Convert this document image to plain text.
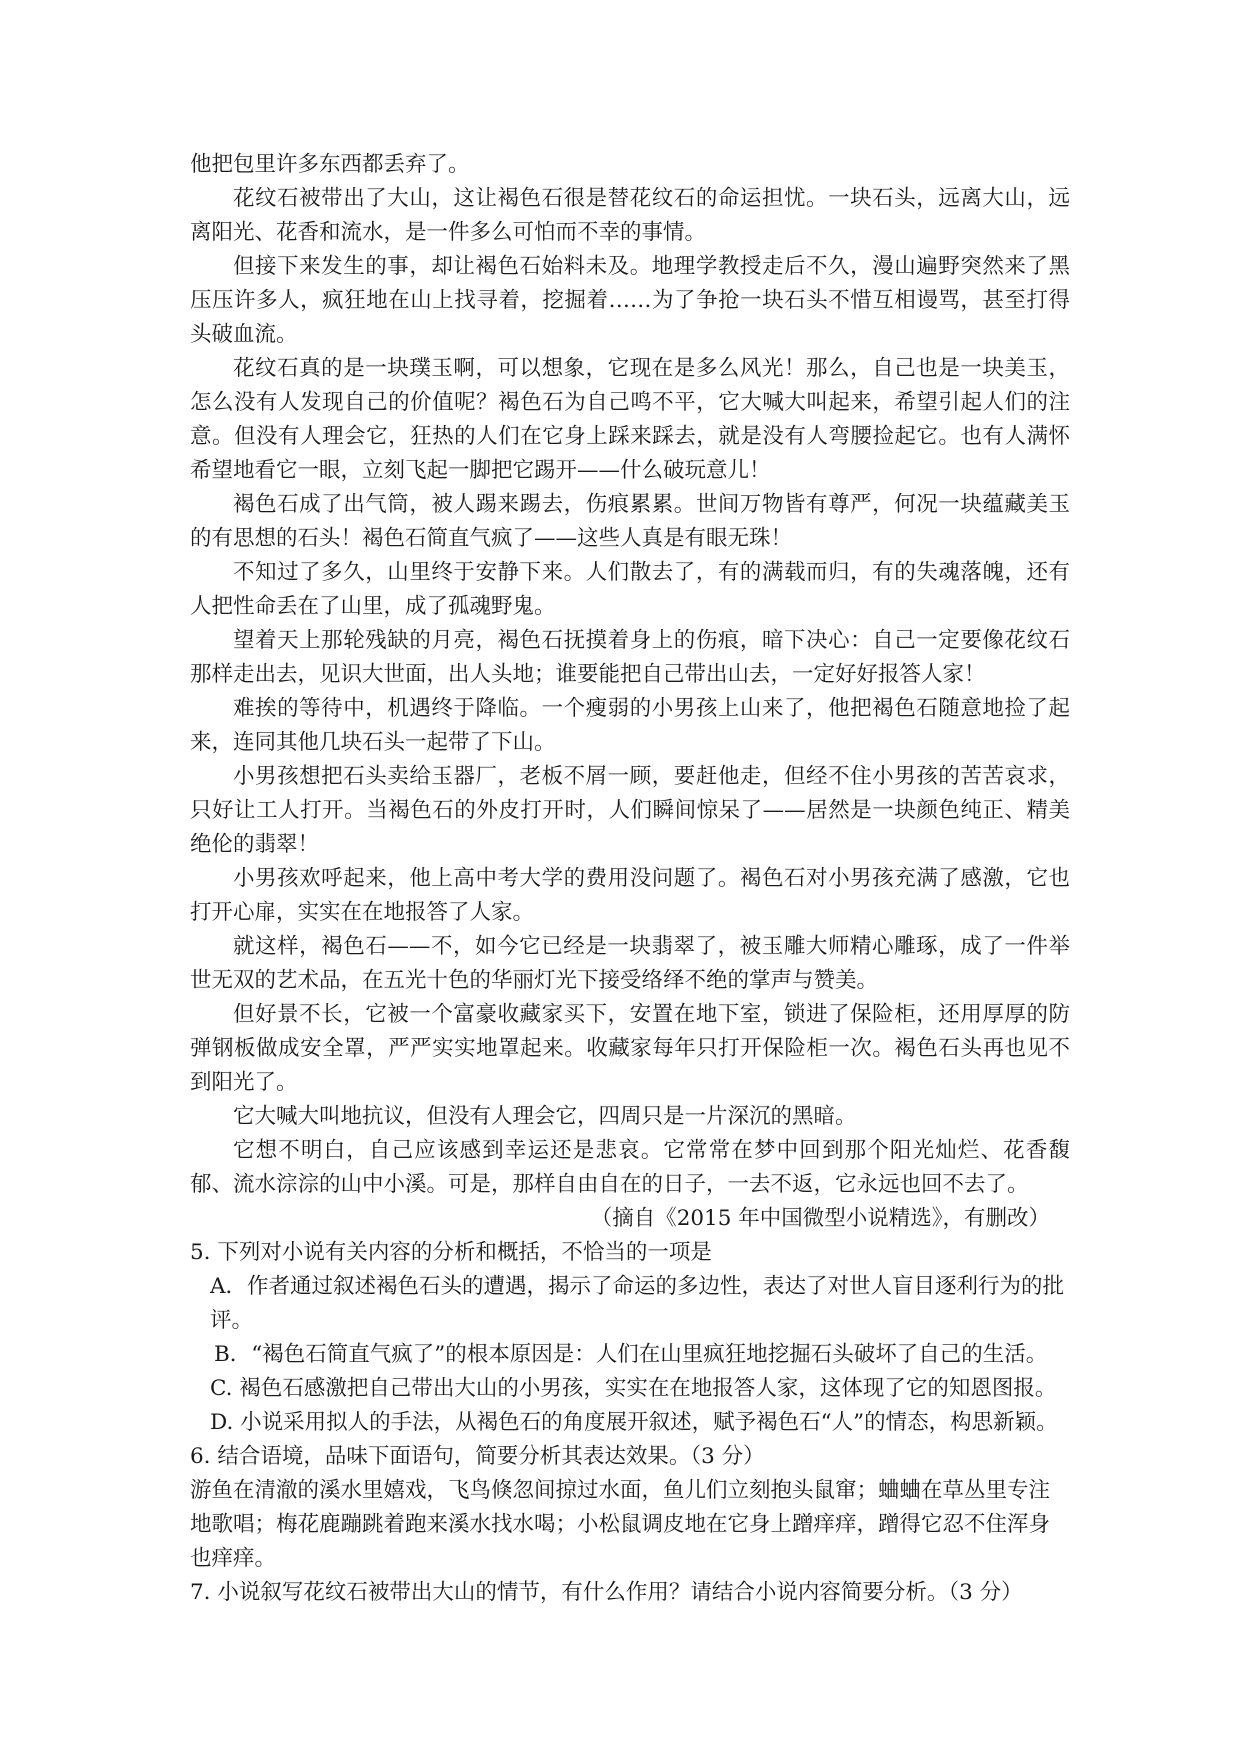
他把包里许多东西都丢弃了。

花纹石被带出了大山，这让褐色石很是替花纹石的命运担忧。一块石头，远离大山，远离阳光、花香和流水，是一件多么可怕而不幸的事情。

但接下来发生的事，却让褐色石始料未及。地理学教授走后不久，漫山遍野突然来了黑压压许多人，疯狂地在山上找寻着，挖掘着……为了争抢一块石头不惜互相谩骂，甚至打得头破血流。

花纹石真的是一块璞玉啊，可以想象，它现在是多么风光！那么，自己也是一块美玉，怎么没有人发现自己的价值呢？褐色石为自己鸣不平，它大喊大叫起来，希望引起人们的注意。但没有人理会它，狂热的人们在它身上踩来踩去，就是没有人弯腰捡起它。也有人满怀希望地看它一眼，立刻飞起一脚把它踢开——什么破玩意儿！

褐色石成了出气筒，被人踢来踢去，伤痕累累。世间万物皆有尊严，何况一块蕴藏美玉的有思想的石头！褐色石简直气疯了——这些人真是有眼无珠！

不知过了多久，山里终于安静下来。人们散去了，有的满载而归，有的失魂落魄，还有人把性命丢在了山里，成了孤魂野鬼。

望着天上那轮残缺的月亮，褐色石抚摸着身上的伤痕，暗下决心：自己一定要像花纹石那样走出去，见识大世面，出人头地；谁要能把自己带出山去，一定好好报答人家！

难挨的等待中，机遇终于降临。一个瘦弱的小男孩上山来了，他把褐色石随意地捡了起来，连同其他几块石头一起带了下山。

小男孩想把石头卖给玉器厂，老板不屑一顾，要赶他走，但经不住小男孩的苦苦哀求，只好让工人打开。当褐色石的外皮打开时，人们瞬间惊呆了——居然是一块颜色纯正、精美绝伦的翡翠！

小男孩欢呼起来，他上高中考大学的费用没问题了。褐色石对小男孩充满了感激，它也打开心扉，实实在在地报答了人家。

就这样，褐色石——不，如今它已经是一块翡翠了，被玉雕大师精心雕琢，成了一件举世无双的艺术品，在五光十色的华丽灯光下接受络绎不绝的掌声与赞美。

但好景不长，它被一个富豪收藏家买下，安置在地下室，锁进了保险柜，还用厚厚的防弹钢板做成安全罩，严严实实地罩起来。收藏家每年只打开保险柜一次。褐色石头再也见不到阳光了。

它大喊大叫地抗议，但没有人理会它，四周只是一片深沉的黑暗。

它想不明白，自己应该感到幸运还是悲哀。它常常在梦中回到那个阳光灿烂、花香馥郁、流水淙淙的山中小溪。可是，那样自由自在的日子，一去不返，它永远也回不去了。

（摘自《2015 年中国微型小说精选》，有删改）

5. 下列对小说有关内容的分析和概括，不恰当的一项是

A．作者通过叙述褐色石头的遭遇，揭示了命运的多边性，表达了对世人盲目逐利行为的批评。

B．“褐色石简直气疯了”的根本原因是：人们在山里疯狂地挖掘石头破坏了自己的生活。

C. 褐色石感激把自己带出大山的小男孩，实实在在地报答人家，这体现了它的知恩图报。

D. 小说采用拟人的手法，从褐色石的角度展开叙述，赋予褐色石“人”的情态，构思新颖。

6. 结合语境，品味下面语句，简要分析其表达效果。（3 分）

游鱼在清澈的溪水里嬉戏，飞鸟倏忽间掠过水面，鱼儿们立刻抱头鼠窜；蛐蛐在草丛里专注地歌唱；梅花鹿蹦跳着跑来溪水找水喝；小松鼠调皮地在它身上蹭痒痒，蹭得它忍不住浑身也痒痒。

7. 小说叙写花纹石被带出大山的情节，有什么作用？请结合小说内容简要分析。（3 分）
